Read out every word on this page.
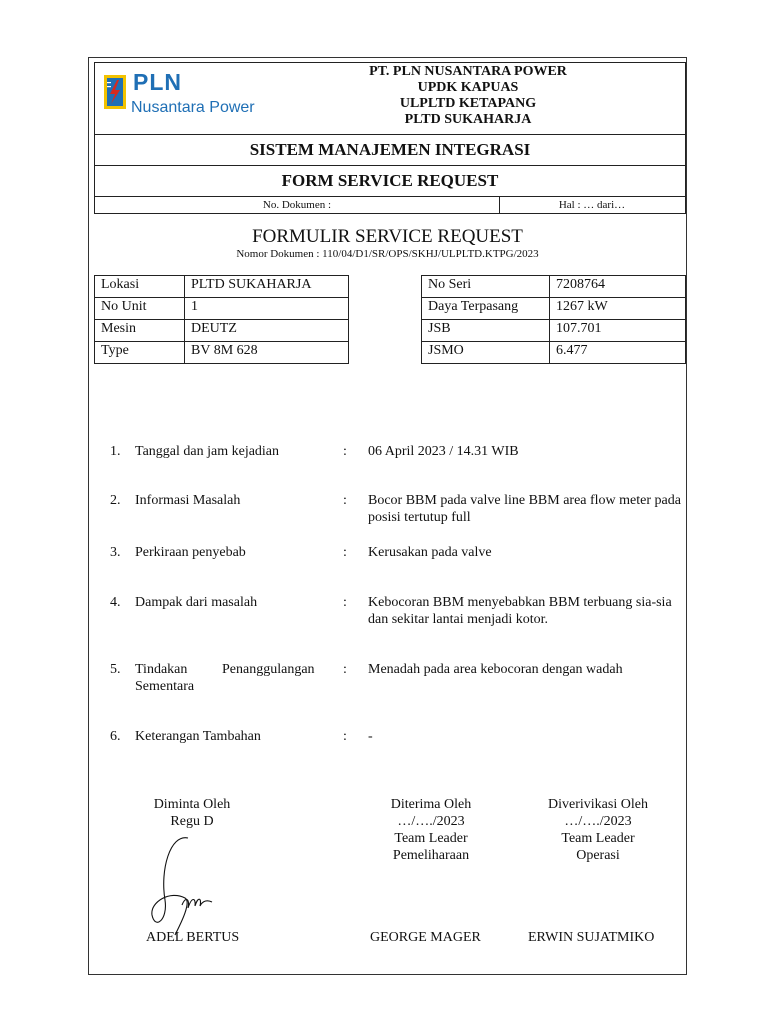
PLN
Nusantara Power
PT. PLN NUSANTARA POWER
UPDK KAPUAS
ULPLTD KETAPANG
PLTD SUKAHARJA
SISTEM MANAJEMEN INTEGRASI
FORM SERVICE REQUEST
No. Dokumen :	Hal : … dari…
FORMULIR SERVICE REQUEST
Nomor Dokumen : 110/04/D1/SR/OPS/SKHJ/ULPLTD.KTPG/2023
Lokasi	PLTD SUKAHARJA
No Unit	1
Mesin	DEUTZ
Type	BV 8M 628
No Seri	7208764
Daya Terpasang	1267 kW
JSB	107.701
JSMO	6.477
1.	Tanggal dan jam kejadian	: 06 April 2023 / 14.31 WIB
2.	Informasi Masalah	: Bocor BBM pada valve line BBM area flow meter pada posisi tertutup full
3.	Perkiraan penyebab	: Kerusakan pada valve
4.	Dampak dari masalah	: Kebocoran BBM menyebabkan BBM terbuang sia-sia dan sekitar lantai menjadi kotor.
5.	Tindakan Penanggulangan
Sementara
: Menadah pada area kebocoran dengan wadah
6.	Keterangan Tambahan	: -
Diminta Oleh
Regu D
Diterima Oleh
…/…./2023
Team Leader
Pemeliharaan
Diverivikasi Oleh
…/…./2023
Team Leader
Operasi
ADEL BERTUS	GEORGE MAGER	ERWIN SUJATMIKO
